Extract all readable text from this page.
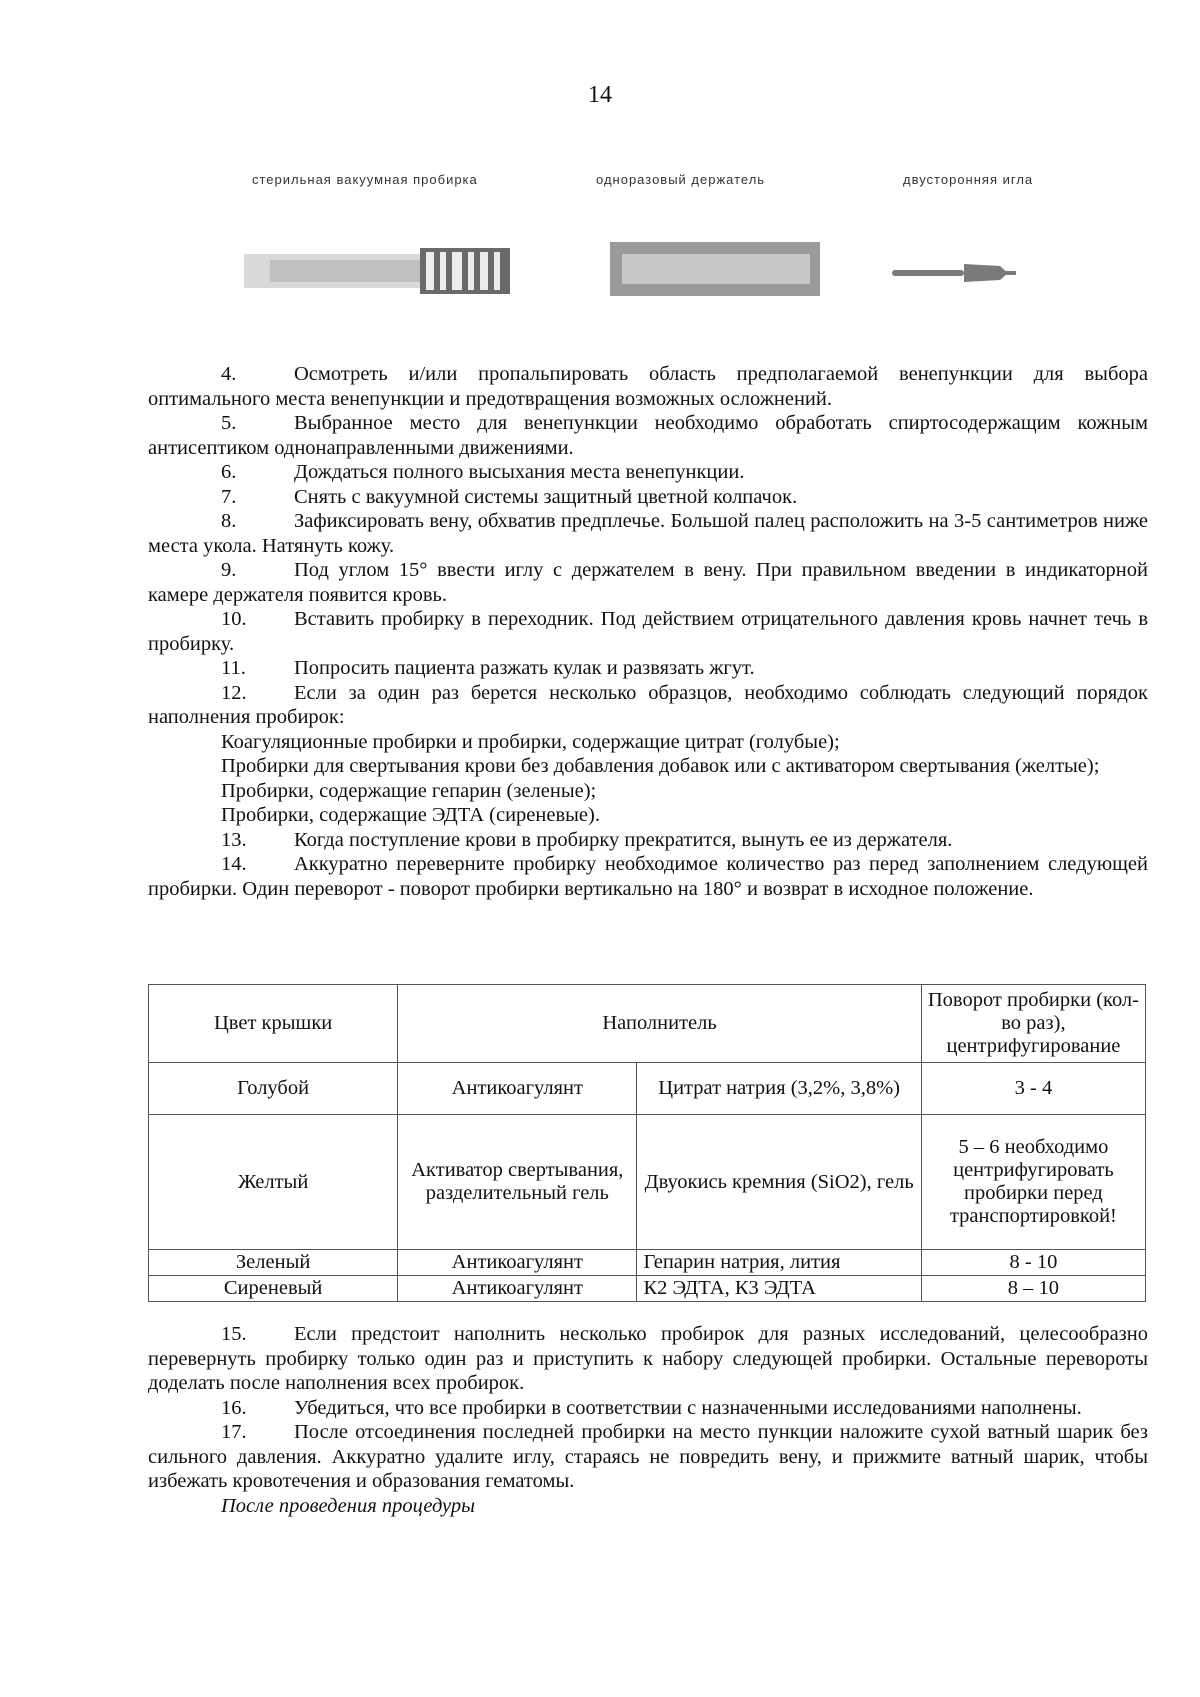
14
стерильная вакуумная пробирка	одноразовый держатель	двусторонняя игла

4.	Осмотреть и/или пропальпировать область предполагаемой венепункции для выбора оптимального места венепункции и предотвращения возможных осложнений.

5.	Выбранное место для венепункции необходимо обработать спиртосодержащим кожным антисептиком однонаправленными движениями.

6.	Дождаться полного высыхания места венепункции.

7.	Снять с вакуумной системы защитный цветной колпачок.

8.	Зафиксировать вену, обхватив предплечье. Большой палец расположить на 3-5 сантиметров ниже места укола. Натянуть кожу.

9.	Под углом 15° ввести иглу с держателем в вену. При правильном введении в индикаторной камере держателя появится кровь.

10. Вставить пробирку в переходник. Под действием отрицательного давления кровь начнет течь в пробирку.

11. Попросить пациента разжать кулак и развязать жгут.

12. Если за один раз берется несколько образцов, необходимо соблюдать следующий порядок наполнения пробирок:

Коагуляционные пробирки и пробирки, содержащие цитрат (голубые);

Пробирки для свертывания крови без добавления добавок или с активатором свертывания (желтые);

Пробирки, содержащие гепарин (зеленые);

Пробирки, содержащие ЭДТА (сиреневые).

13. Когда поступление крови в пробирку прекратится, вынуть ее из держателя.

14. Аккуратно переверните пробирку необходимое количество раз перед заполнением следующей пробирки. Один переворот - поворот пробирки вертикально на 180° и возврат в исходное положение.

Цвет крышки	Наполнитель		Поворот пробирки (кол-во раз), центрифугирование
Голубой	Антикоагулянт	Цитрат натрия (3,2%, 3,8%)	3 - 4
Желтый	Активатор свертывания, разделительный гель	Двуокись кремния (SiO2), гель	5 – 6 необходимо центрифугировать пробирки перед транспортировкой!
Зеленый	Антикоагулянт	Гепарин натрия, лития	8 - 10
Сиреневый	Антикоагулянт	К2 ЭДТА, К3 ЭДТА	8 – 10

15. Если предстоит наполнить несколько пробирок для разных исследований, целесообразно перевернуть пробирку только один раз и приступить к набору следующей пробирки. Остальные перевороты доделать после наполнения всех пробирок.

16. Убедиться, что все пробирки в соответствии с назначенными исследованиями наполнены.

17. После отсоединения последней пробирки на место пункции наложите сухой ватный шарик без сильного давления. Аккуратно удалите иглу, стараясь не повредить вену, и прижмите ватный шарик, чтобы избежать кровотечения и образования гематомы.

После проведения процедуры
